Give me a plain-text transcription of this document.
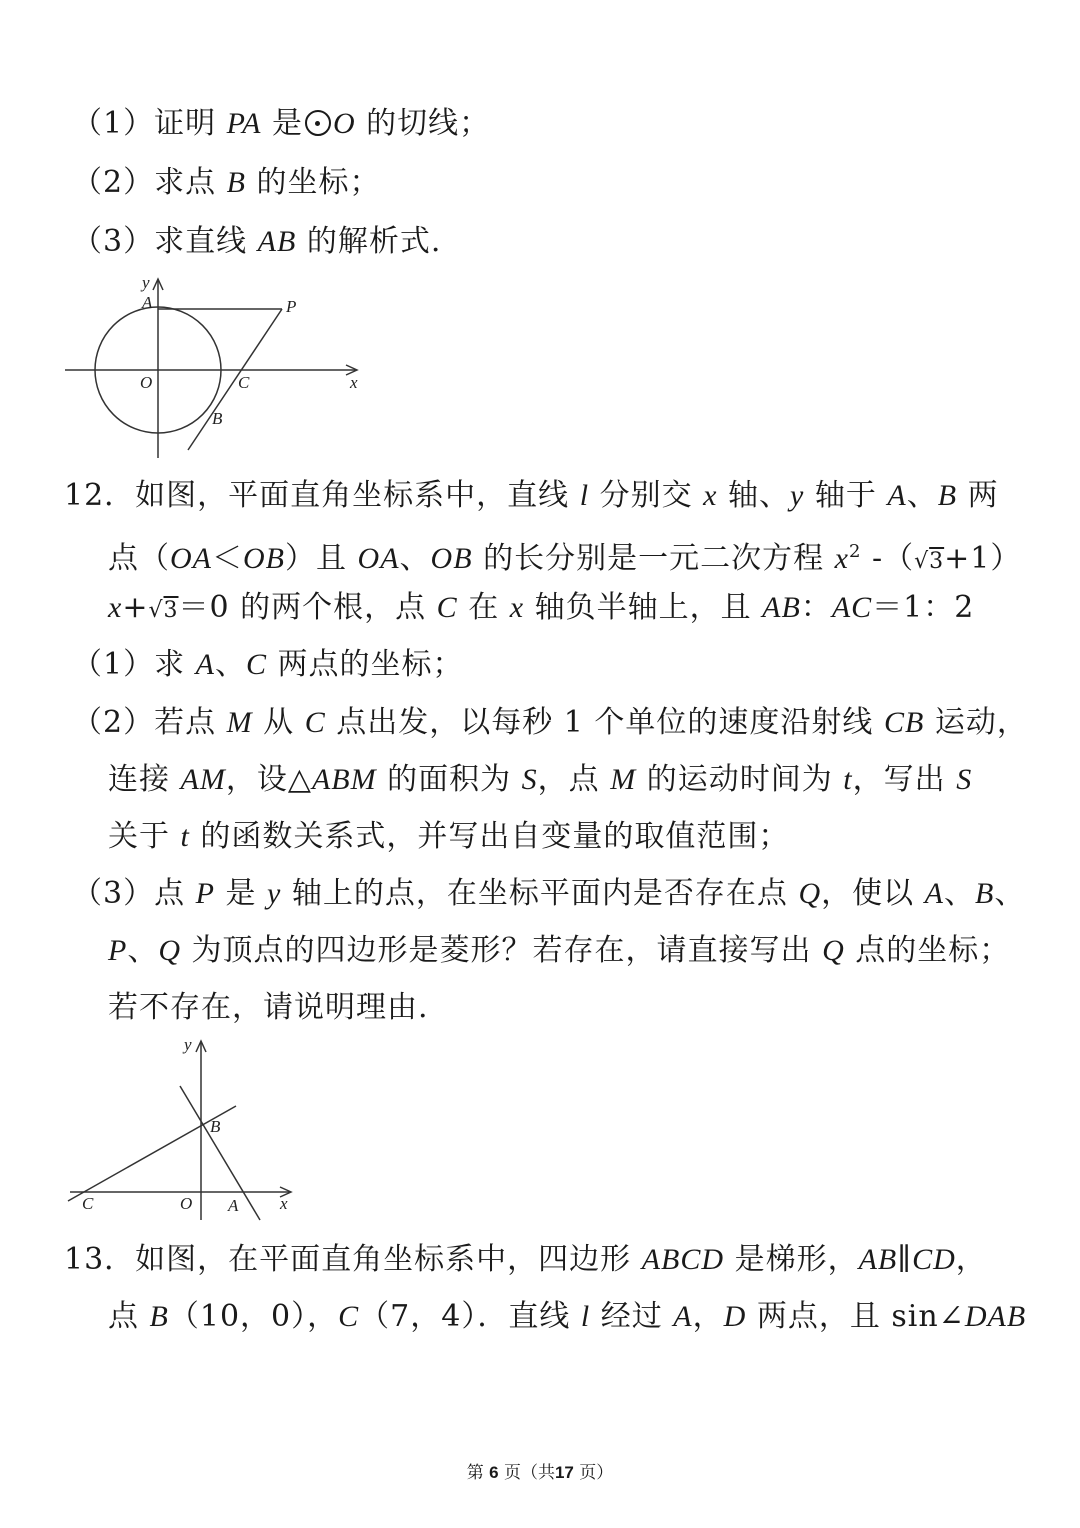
（1）证明 PA 是 O 的切线；
（2）求点 B 的坐标；
（3）求直线 AB 的解析式.
y
A	P
O	C	x
B
12．如图，平面直角坐标系中，直线 l 分别交 x 轴、y 轴于 A、B 两
点（OA＜OB）且 OA、OB 的长分别是一元二次方程 $x^2$ -（√3+1）
x+√3＝0 的两个根，点 C 在 x 轴负半轴上，且 AB：AC＝1：2
（1）求 A、C 两点的坐标；
（2）若点 M 从 C 点出发，以每秒 1 个单位的速度沿射线 CB 运动，
连接 AM，设△ABM 的面积为 S，点 M 的运动时间为 t，写出 S
关于 t 的函数关系式，并写出自变量的取值范围；
（3）点 P 是 y 轴上的点，在坐标平面内是否存在点 Q，使以 A、B、
P、Q 为顶点的四边形是菱形？若存在，请直接写出 Q 点的坐标；
若不存在，请说明理由.
y
B
C	O A x
13．如图，在平面直角坐标系中，四边形 ABCD 是梯形，AB∥CD，
点 B（10，0），C（7，4）．直线 l 经过 A，D 两点，且 sin∠DAB
第 6 页（共17 页）
